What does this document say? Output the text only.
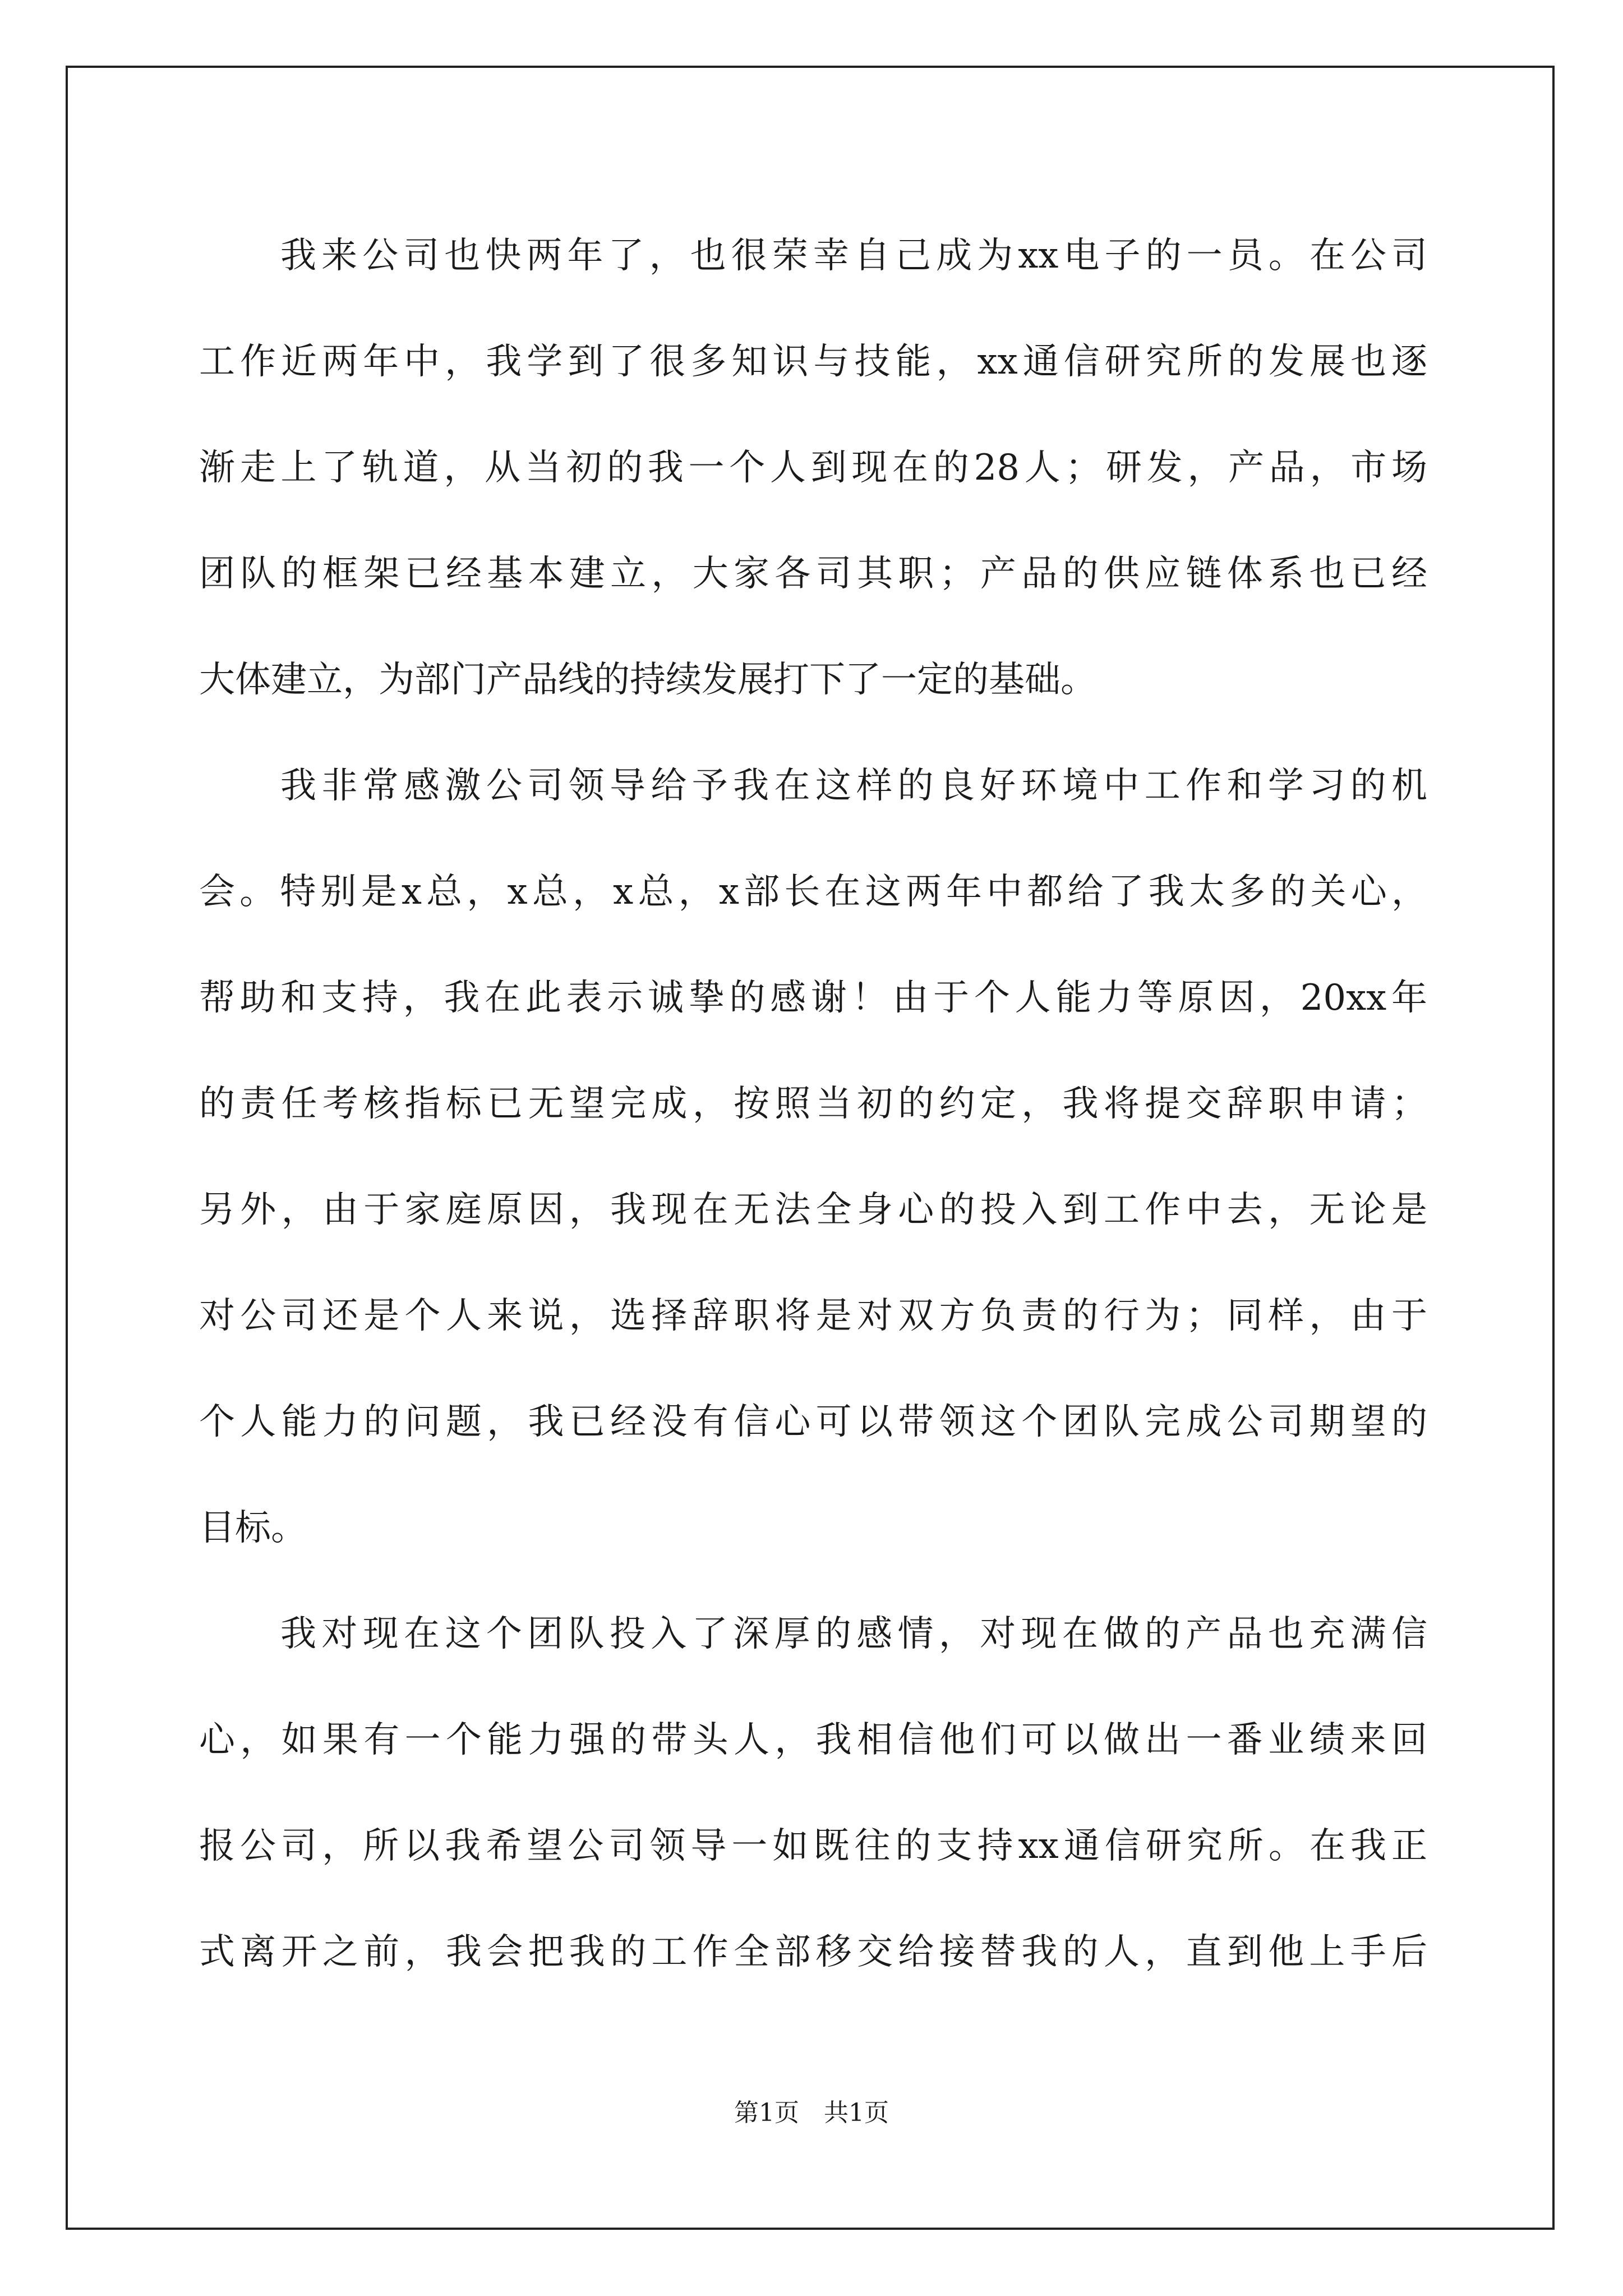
我来公司也快两年了，也很荣幸自己成为xx电子的一员。在公司
工作近两年中，我学到了很多知识与技能，xx通信研究所的发展也逐
渐走上了轨道，从当初的我一个人到现在的28人；研发，产品，市场
团队的框架已经基本建立，大家各司其职；产品的供应链体系也已经
大体建立，为部门产品线的持续发展打下了一定的基础。
我非常感激公司领导给予我在这样的良好环境中工作和学习的机
会。特别是x总，x总，x总，x部长在这两年中都给了我太多的关心，
帮助和支持，我在此表示诚挚的感谢！由于个人能力等原因，20xx年
的责任考核指标已无望完成，按照当初的约定，我将提交辞职申请；
另外，由于家庭原因，我现在无法全身心的投入到工作中去，无论是
对公司还是个人来说，选择辞职将是对双方负责的行为；同样，由于
个人能力的问题，我已经没有信心可以带领这个团队完成公司期望的
目标。
我对现在这个团队投入了深厚的感情，对现在做的产品也充满信
心，如果有一个能力强的带头人，我相信他们可以做出一番业绩来回
报公司，所以我希望公司领导一如既往的支持xx通信研究所。在我正
式离开之前，我会把我的工作全部移交给接替我的人，直到他上手后
第1页　共1页
